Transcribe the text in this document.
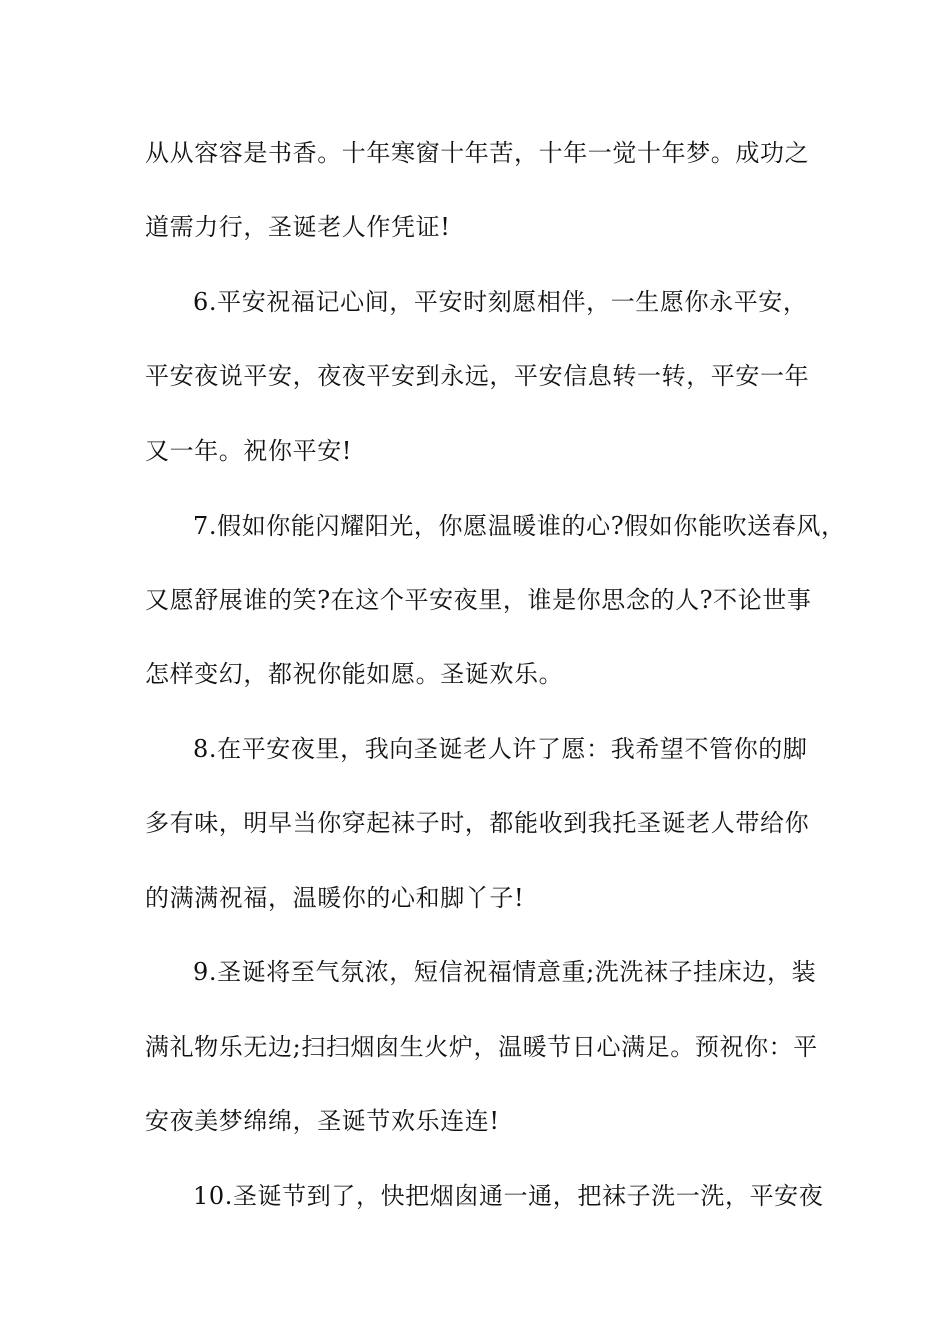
从从容容是书香。十年寒窗十年苦，十年一觉十年梦。成功之
道需力行，圣诞老人作凭证!
6.平安祝福记心间，平安时刻愿相伴，一生愿你永平安，
平安夜说平安，夜夜平安到永远，平安信息转一转，平安一年
又一年。祝你平安!
7.假如你能闪耀阳光，你愿温暖谁的心?假如你能吹送春风，
又愿舒展谁的笑?在这个平安夜里，谁是你思念的人?不论世事
怎样变幻，都祝你能如愿。圣诞欢乐。
8.在平安夜里，我向圣诞老人许了愿：我希望不管你的脚
多有味，明早当你穿起袜子时，都能收到我托圣诞老人带给你
的满满祝福，温暖你的心和脚丫子!
9.圣诞将至气氛浓，短信祝福情意重;洗洗袜子挂床边，装
满礼物乐无边;扫扫烟囱生火炉，温暖节日心满足。预祝你：平
安夜美梦绵绵，圣诞节欢乐连连!
10.圣诞节到了，快把烟囱通一通，把袜子洗一洗，平安夜
